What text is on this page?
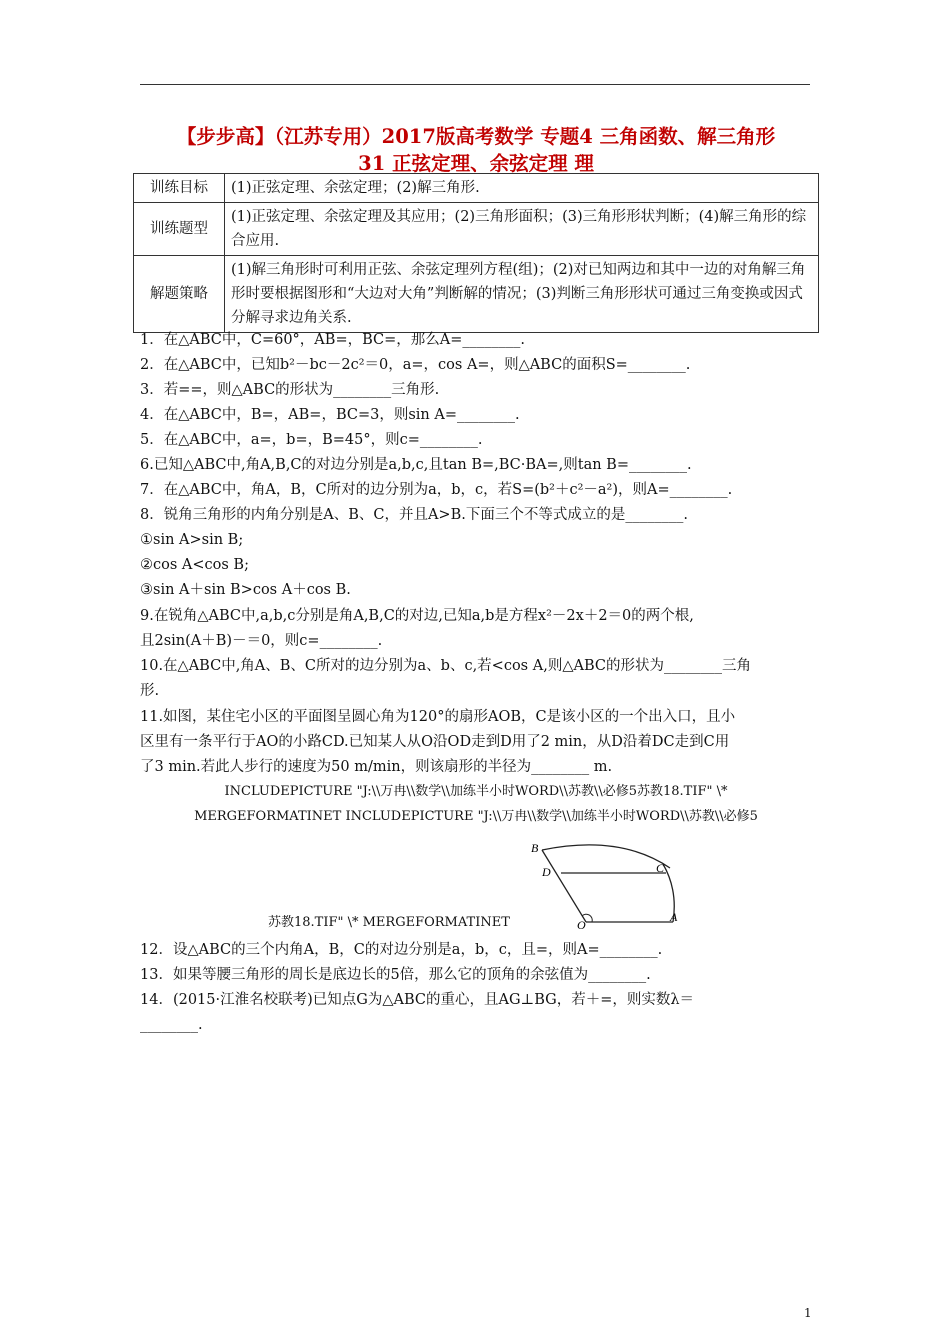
【步步高】（江苏专用）2017版高考数学 专题4 三角函数、解三角形
31 正弦定理、余弦定理 理
训练目标	(1)正弦定理、余弦定理；(2)解三角形.
训练题型	(1)正弦定理、余弦定理及其应用；(2)三角形面积；(3)三角形形状判断；(4)解三角形的综合应用.
解题策略	(1)解三角形时可利用正弦、余弦定理列方程(组)；(2)对已知两边和其中一边的对角解三角形时要根据图形和“大边对大角”判断解的情况；(3)判断三角形形状可通过三角变换或因式分解寻求边角关系.
1．在△ABC中，C=60°，AB=，BC=，那么A=________.
2．在△ABC中，已知b²－bc－2c²＝0，a=，cos A=，则△ABC的面积S=________.
3．若==，则△ABC的形状为________三角形.
4．在△ABC中，B=，AB=，BC=3，则sin A=________.
5．在△ABC中，a=，b=，B=45°，则c=________.
6.已知△ABC中,角A,B,C的对边分别是a,b,c,且tan B=,BC·BA=,则tan B=________.
7．在△ABC中，角A，B，C所对的边分别为a，b，c，若S=(b²＋c²－a²)，则A=________.
8．锐角三角形的内角分别是A、B、C，并且A>B.下面三个不等式成立的是________.
①sin A>sin B;
②cos A<cos B;
③sin A＋sin B>cos A＋cos B.
9.在锐角△ABC中,a,b,c分别是角A,B,C的对边,已知a,b是方程x²－2x＋2＝0的两个根,
且2sin(A＋B)－＝0，则c=________.
10.在△ABC中,角A、B、C所对的边分别为a、b、c,若<cos A,则△ABC的形状为________三角
形.
11.如图，某住宅小区的平面图呈圆心角为120°的扇形AOB，C是该小区的一个出入口，且小
区里有一条平行于AO的小路CD.已知某人从O沿OD走到D用了2 min，从D沿着DC走到C用
了3 min.若此人步行的速度为50 m/min，则该扇形的半径为________ m.
INCLUDEPICTURE "J:\\万冉\\数学\\加练半小时WORD\\苏教\\必修5苏教18.TIF" \*
MERGEFORMATINET INCLUDEPICTURE "J:\\万冉\\数学\\加练半小时WORD\\苏教\\必修5
B
D	C
O
A
苏教18.TIF" \* MERGEFORMATINET
12．设△ABC的三个内角A，B，C的对边分别是a，b，c，且=，则A=________.
13．如果等腰三角形的周长是底边长的5倍，那么它的顶角的余弦值为________.
14．(2015·江淮名校联考)已知点G为△ABC的重心，且AG⊥BG，若＋=，则实数λ＝
________.
1
